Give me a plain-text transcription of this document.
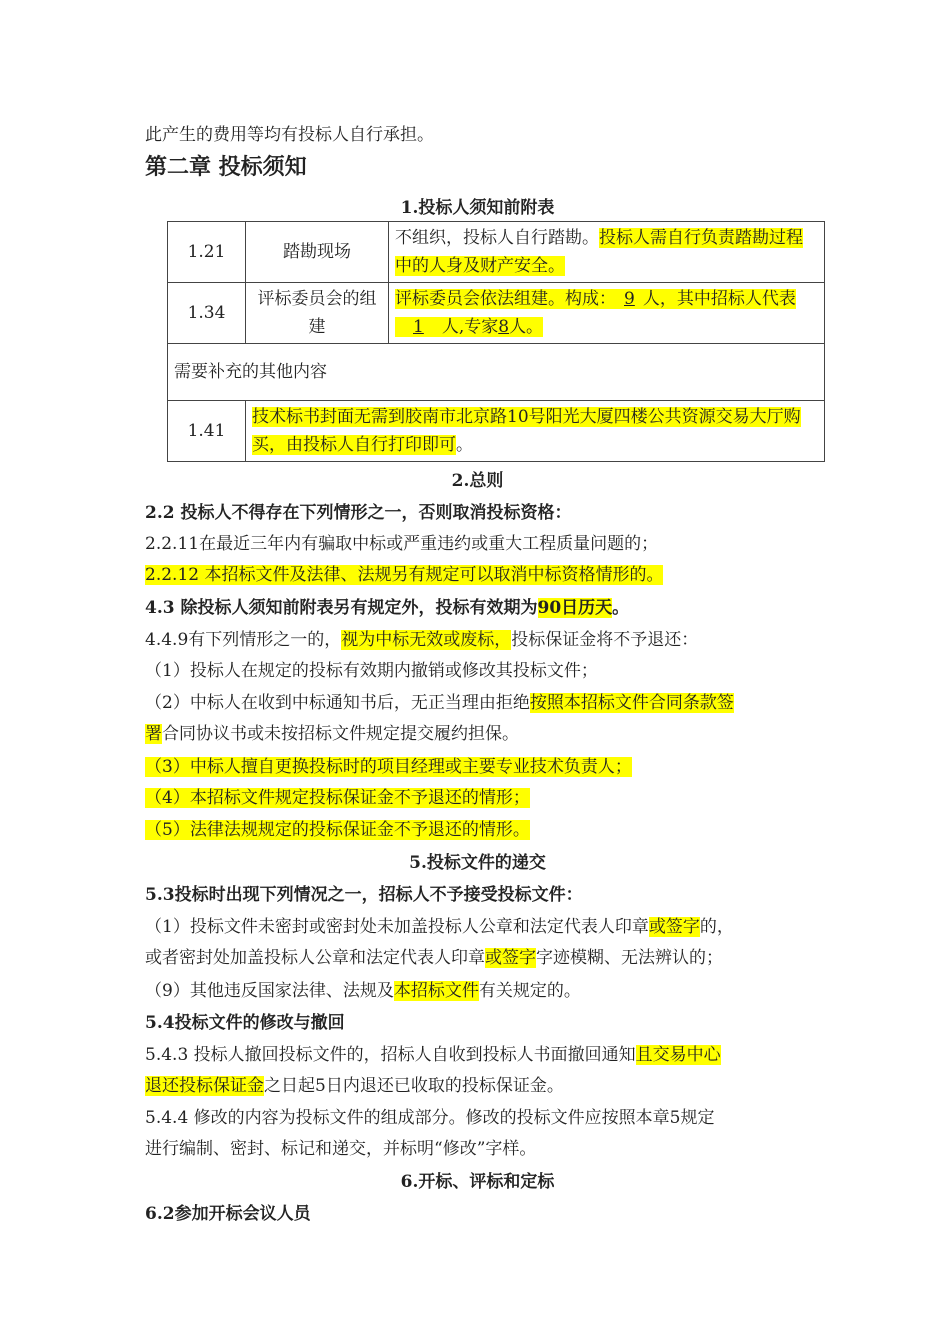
此产生的费用等均有投标人自行承担。
第二章 投标须知
1.投标人须知前附表
1.21	踏勘现场	不组织，投标人自行踏勘。投标人需自行负责踏勘过程中的人身及财产安全。
1.34	评标委员会的组建	评标委员会依法组建。构成： 9 人，其中招标人代表1 人,专家8人。
需要补充的其他内容		
1.41	技术标书封面无需到胶南市北京路10号阳光大厦四楼公共资源交易大厅购买，由投标人自行打印即可。	
2.总则
2.2 投标人不得存在下列情形之一，否则取消投标资格：
2.2.11在最近三年内有骗取中标或严重违约或重大工程质量问题的；
2.2.12 本招标文件及法律、法规另有规定可以取消中标资格情形的。
4.3 除投标人须知前附表另有规定外，投标有效期为90日历天。
4.4.9有下列情形之一的，视为中标无效或废标，投标保证金将不予退还：
（1）投标人在规定的投标有效期内撤销或修改其投标文件；
（2）中标人在收到中标通知书后，无正当理由拒绝按照本招标文件合同条款签
署合同协议书或未按招标文件规定提交履约担保。
（3）中标人擅自更换投标时的项目经理或主要专业技术负责人；
（4）本招标文件规定投标保证金不予退还的情形；
（5）法律法规规定的投标保证金不予退还的情形。
5.投标文件的递交
5.3投标时出现下列情况之一，招标人不予接受投标文件：
（1）投标文件未密封或密封处未加盖投标人公章和法定代表人印章或签字的，
或者密封处加盖投标人公章和法定代表人印章或签字字迹模糊、无法辨认的；
（9）其他违反国家法律、法规及本招标文件有关规定的。
5.4投标文件的修改与撤回
5.4.3 投标人撤回投标文件的，招标人自收到投标人书面撤回通知且交易中心
退还投标保证金之日起5日内退还已收取的投标保证金。
5.4.4 修改的内容为投标文件的组成部分。修改的投标文件应按照本章5规定
进行编制、密封、标记和递交，并标明“修改”字样。
6.开标、评标和定标
6.2参加开标会议人员
